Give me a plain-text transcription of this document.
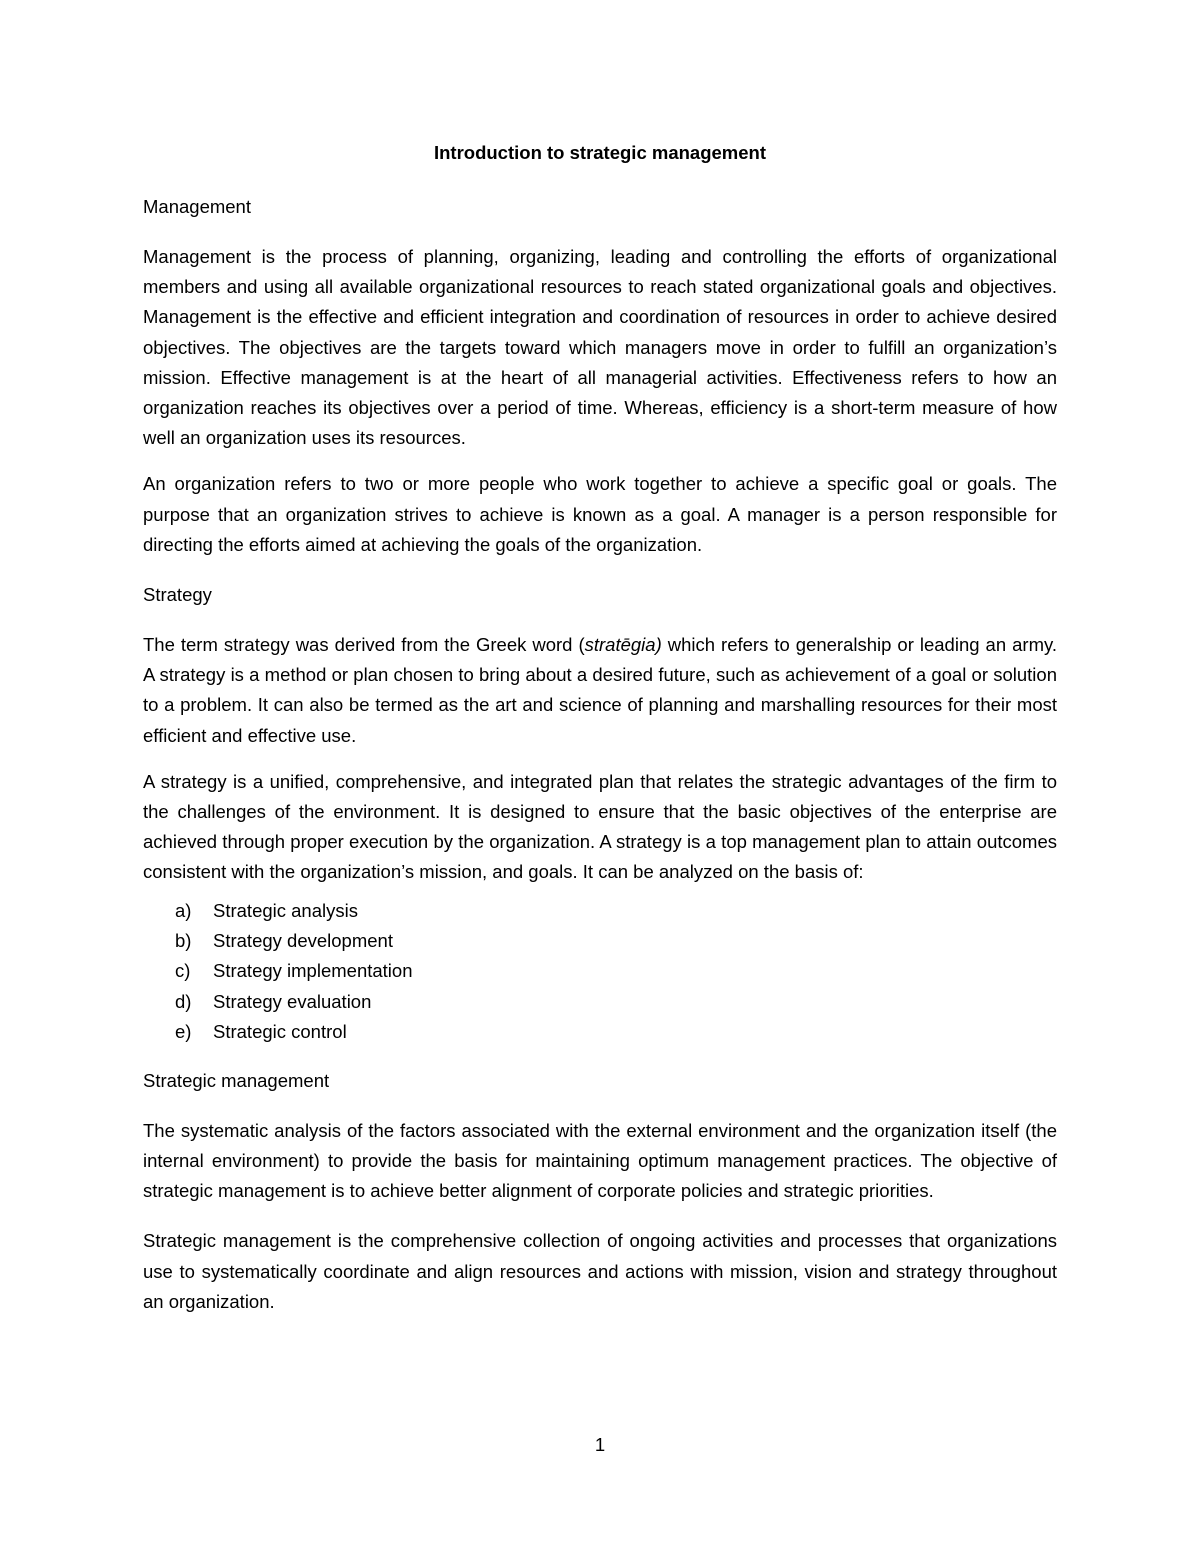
Introduction to strategic management
Management

Management is the process of planning, organizing, leading and controlling the efforts of organizational members and using all available organizational resources to reach stated organizational goals and objectives. Management is the effective and efficient integration and coordination of resources in order to achieve desired objectives. The objectives are the targets toward which managers move in order to fulfill an organization’s mission. Effective management is at the heart of all managerial activities. Effectiveness refers to how an organization reaches its objectives over a period of time. Whereas, efficiency is a short-term measure of how well an organization uses its resources.

An organization refers to two or more people who work together to achieve a specific goal or goals. The purpose that an organization strives to achieve is known as a goal. A manager is a person responsible for directing the efforts aimed at achieving the goals of the organization.

Strategy

The term strategy was derived from the Greek word (stratēgia) which refers to generalship or leading an army. A strategy is a method or plan chosen to bring about a desired future, such as achievement of a goal or solution to a problem. It can also be termed as the art and science of planning and marshalling resources for their most efficient and effective use.

A strategy is a unified, comprehensive, and integrated plan that relates the strategic advantages of the firm to the challenges of the environment. It is designed to ensure that the basic objectives of the enterprise are achieved through proper execution by the organization. A strategy is a top management plan to attain outcomes consistent with the organization’s mission, and goals. It can be analyzed on the basis of:

a) Strategic analysis
b) Strategy development
c) Strategy implementation
d) Strategy evaluation
e) Strategic control
Strategic management

The systematic analysis of the factors associated with the external environment and the organization itself (the internal environment) to provide the basis for maintaining optimum management practices. The objective of strategic management is to achieve better alignment of corporate policies and strategic priorities.

Strategic management is the comprehensive collection of ongoing activities and processes that organizations use to systematically coordinate and align resources and actions with mission, vision and strategy throughout an organization.

1
